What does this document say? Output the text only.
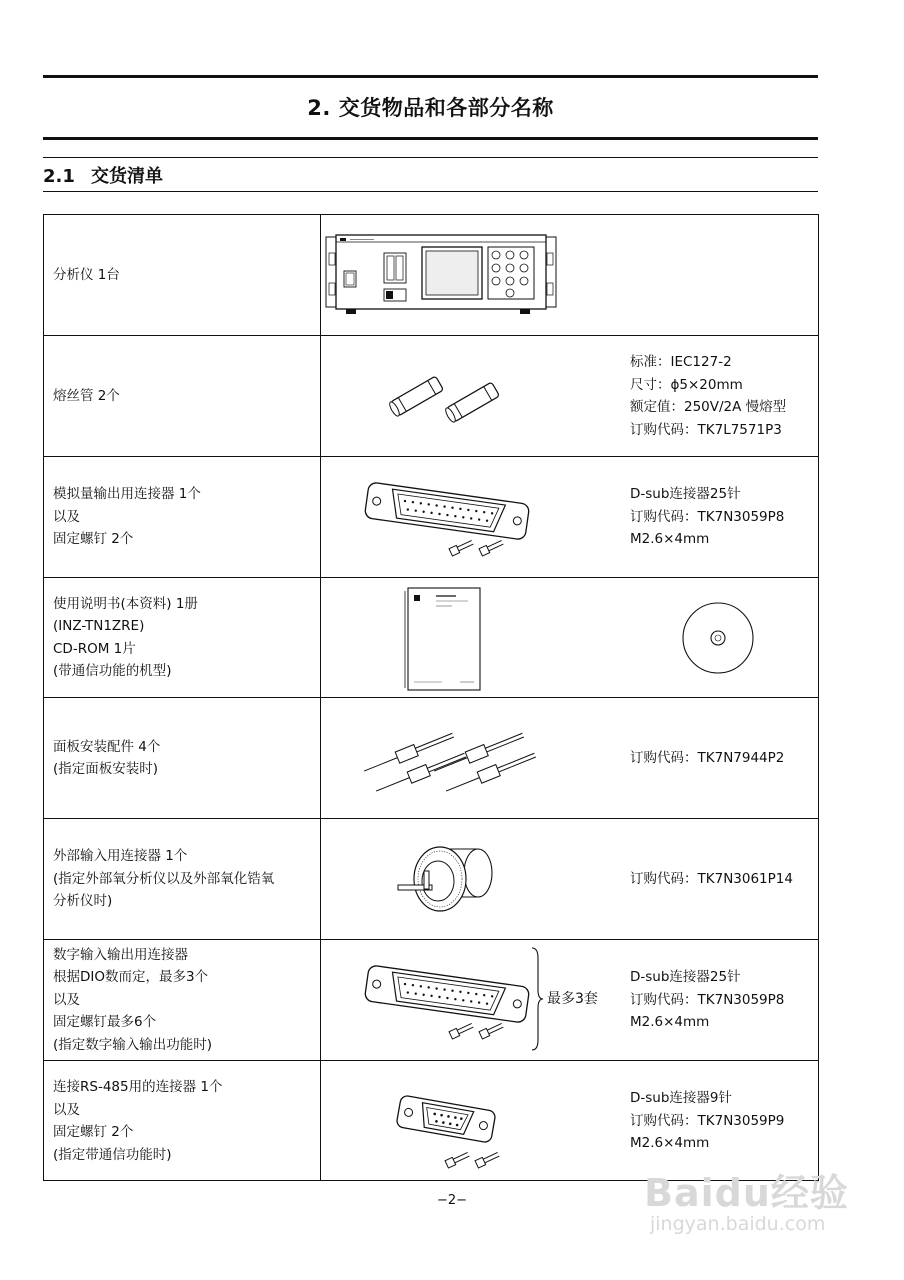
2. 交货物品和各部分名称
2.1 交货清单
分析仪 1台
熔丝管 2个
标准：IEC127-2
尺寸：ϕ5×20mm
额定值：250V/2A 慢熔型
订购代码：TK7L7571P3
模拟量输出用连接器 1个
以及
固定螺钉 2个
D-sub连接器25针
订购代码：TK7N3059P8
M2.6×4mm
使用说明书(本资料) 1册
(INZ-TN1ZRE)
CD-ROM 1片
(带通信功能的机型)
面板安装配件 4个
(指定面板安装时)
订购代码：TK7N7944P2
外部输入用连接器 1个
(指定外部氧分析仪以及外部氧化锆氧
分析仪时)
订购代码：TK7N3061P14
数字输入输出用连接器
根据DIO数而定，最多3个
以及
固定螺钉最多6个
(指定数字输入输出功能时)
最多3套
D-sub连接器25针
订购代码：TK7N3059P8
M2.6×4mm
连接RS-485用的连接器 1个
以及
固定螺钉 2个
(指定带通信功能时)
D-sub连接器9针
订购代码：TK7N3059P9
M2.6×4mm
−2−	Baidu经验
jingyan.baidu.com
